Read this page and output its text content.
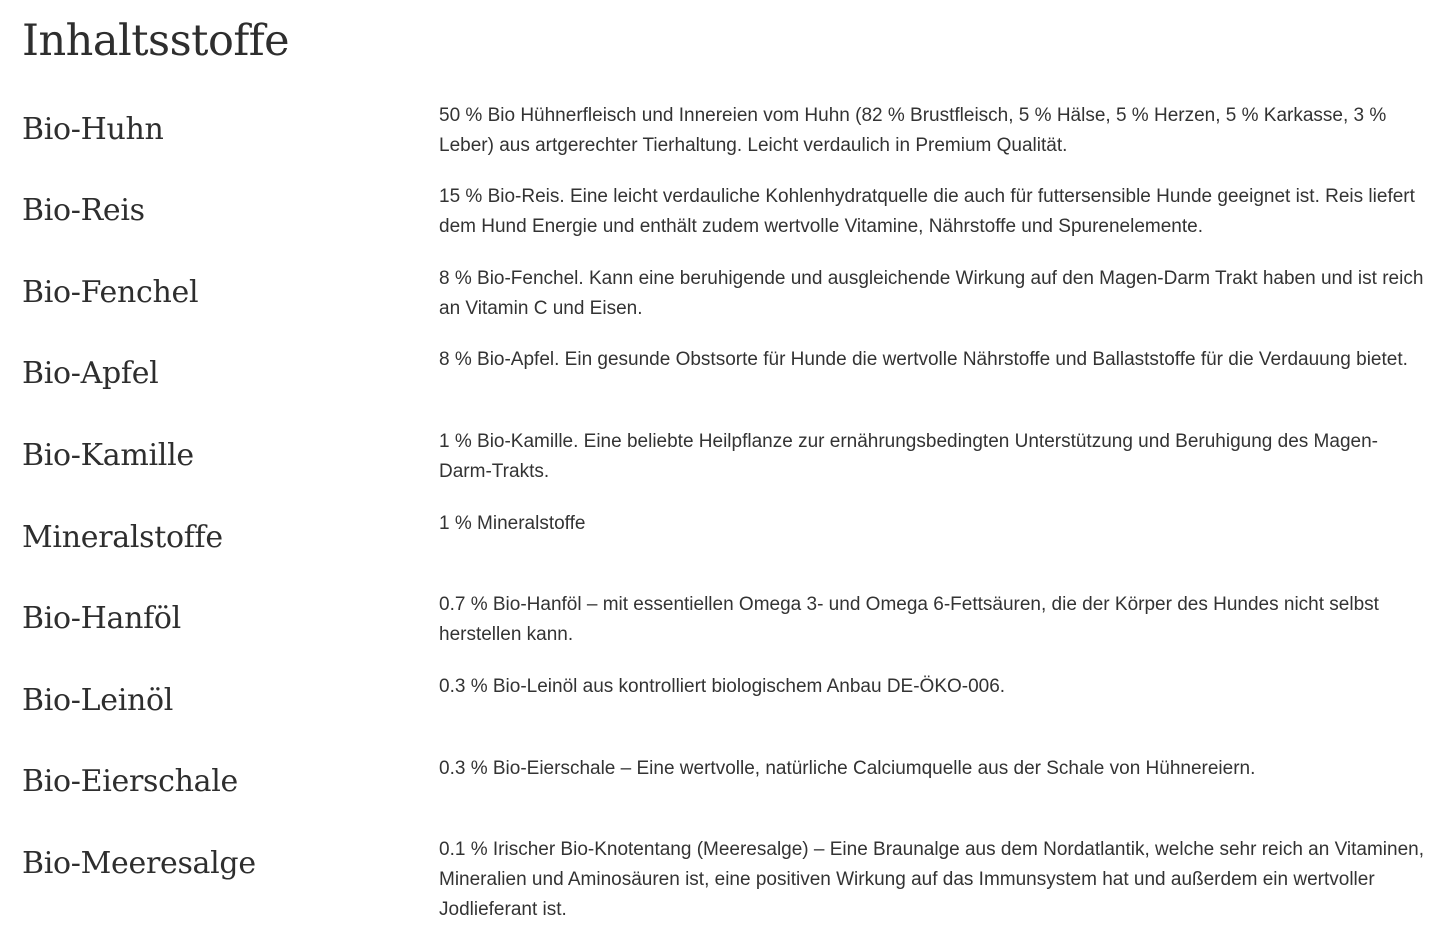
Inhaltsstoffe
Bio-Huhn	50 % Bio Hühnerfleisch und Innereien vom Huhn (82 % Brustfleisch, 5 % Hälse, 5 % Herzen, 5 % Karkasse, 3 % Leber) aus artgerechter Tierhaltung. Leicht verdaulich in Premium Qualität.

Bio-Reis	15 % Bio-Reis. Eine leicht verdauliche Kohlenhydratquelle die auch für futtersensible Hunde geeignet ist. Reis liefert dem Hund Energie und enthält zudem wertvolle Vitamine, Nährstoffe und Spurenelemente.

Bio-Fenchel	8 % Bio-Fenchel. Kann eine beruhigende und ausgleichende Wirkung auf den Magen-Darm Trakt haben und ist reich an Vitamin C und Eisen.

Bio-Apfel	8 % Bio-Apfel. Ein gesunde Obstsorte für Hunde die wertvolle Nährstoffe und Ballaststoffe für die Verdauung bietet.

Bio-Kamille	1 % Bio-Kamille. Eine beliebte Heilpflanze zur ernährungsbedingten Unterstützung und Beruhigung des Magen-Darm-Trakts.

Mineralstoffe	1 % Mineralstoffe

Bio-Hanföl	0.7 % Bio-Hanföl – mit essentiellen Omega 3- und Omega 6-Fettsäuren, die der Körper des Hundes nicht selbst herstellen kann.

Bio-Leinöl	0.3 % Bio-Leinöl aus kontrolliert biologischem Anbau DE-ÖKO-006.

Bio-Eierschale	0.3 % Bio-Eierschale – Eine wertvolle, natürliche Calciumquelle aus der Schale von Hühnereiern.

Bio-Meeresalge	0.1 % Irischer Bio-Knotentang (Meeresalge) – Eine Braunalge aus dem Nordatlantik, welche sehr reich an Vitaminen, Mineralien und Aminosäuren ist, eine positiven Wirkung auf das Immunsystem hat und außerdem ein wertvoller Jodlieferant ist.
